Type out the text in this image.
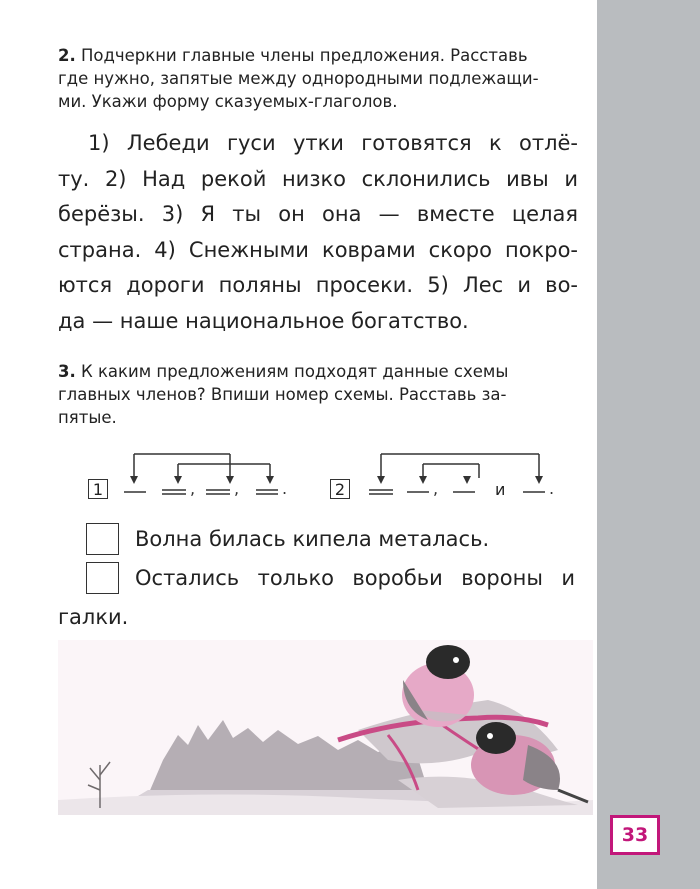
33
2. Подчеркни главные члены предложения. Расставь
где нужно, запятые между однородными подлежащи-
ми. Укажи форму сказуемых-глаголов.
1) Лебеди гуси утки готовятся к отлё-
ту. 2) Над рекой низко склонились ивы и
берёзы. 3) Я ты он она — вместе целая
страна. 4) Снежными коврами скоро покро-
ются дороги поляны просеки. 5) Лес и во-
да — наше национальное богатство.
3. К каким предложениям подходят данные схемы
главных членов? Впиши номер схемы. Расставь за-
пятые.
1	, ,	.	2	,	.
и
Волна билась кипела металась.
Остались только воробьи вороны и
галки.
